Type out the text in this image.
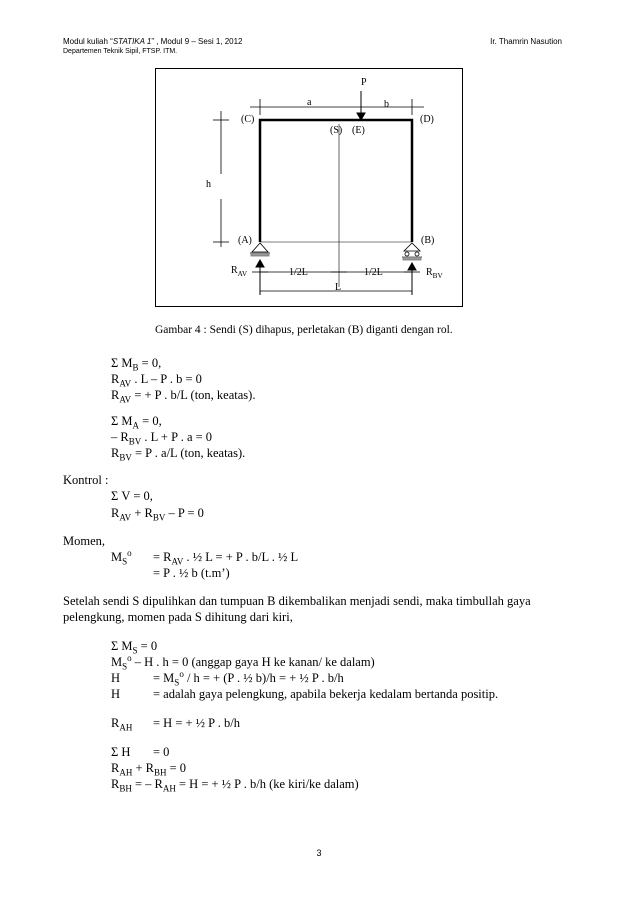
Modul kuliah “STATIKA 1” , Modul 9 – Sesi 1, 2012	Ir. Thamrin Nasution
Departemen Teknik Sipil, FTSP. ITM.
P
a	b
(C)	(D)
(S) (E)
h
(A)	(B)
$R_{AV}$	$R_{BV}$
1/2L	1/2L
L
Gambar 4 : Sendi (S) dihapus, perletakan (B) diganti dengan rol.
Σ $M_B = 0$,
$R_{AV}$ . L – P . b = 0
$R_{AV}$ = + P . b/L (ton, keatas).
Σ $M_A = 0$,
– $R_{BV}$ . L + P . a = 0
$R_{BV} = P$ . a/L (ton, keatas).
Kontrol :
Σ V = 0,
$R_{AV} + R_{BV} - P = 0$
Momen,
$M_S^o = R_{AV}$ . ½ L = + P . b/L . ½ L
= P . ½ b (t.m’)
Setelah sendi S dipulihkan dan tumpuan B dikembalikan menjadi sendi, maka timbullah gaya
pelengkung, momen pada S dihitung dari kiri,
Σ $M_S = 0$
$M_S^o$ – H . h = 0 (anggap gaya H ke kanan/ ke dalam)
H	= $M_S^o$ / h = + (P . ½ b)/h = + ½ P . b/h
H	= adalah gaya pelengkung, apabila bekerja kedalam bertanda positip.
$R_{AH} = H$ = + ½ P . b/h
Σ H = 0
$R_{AH} + R_{BH} = 0$
$R_{BH}$ = – $R_{AH} = H$ = + ½ P . b/h (ke kiri/ke dalam)
3
